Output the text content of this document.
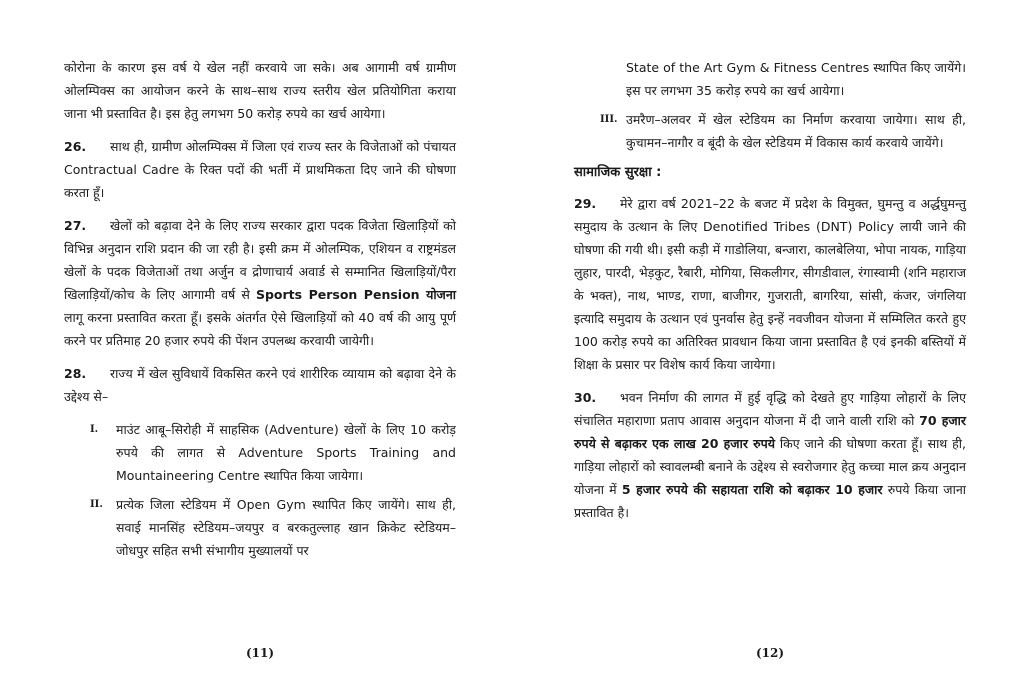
कोरोना के कारण इस वर्ष ये खेल नहीं करवाये जा सके। अब आगामी वर्ष ग्रामीण ओलम्पिक्स का आयोजन करने के साथ–साथ राज्य स्तरीय खेल प्रतियोगिता कराया जाना भी प्रस्तावित है। इस हेतु लगभग 50 करोड़ रुपये का खर्च आयेगा।

26. साथ ही, ग्रामीण ओलम्पिक्स में जिला एवं राज्य स्तर के विजेताओं को पंचायत Contractual Cadre के रिक्त पदों की भर्ती में प्राथमिकता दिए जाने की घोषणा करता हूँ।

27. खेलों को बढ़ावा देने के लिए राज्य सरकार द्वारा पदक विजेता खिलाड़ियों को विभिन्न अनुदान राशि प्रदान की जा रही है। इसी क्रम में ओलम्पिक, एशियन व राष्ट्रमंडल खेलों के पदक विजेताओं तथा अर्जुन व द्रोणाचार्य अवार्ड से सम्मानित खिलाड़ियों/पैरा खिलाड़ियों/कोच के लिए आगामी वर्ष से Sports Person Pension योजना लागू करना प्रस्तावित करता हूँ। इसके अंतर्गत ऐसे खिलाड़ियों को 40 वर्ष की आयु पूर्ण करने पर प्रतिमाह 20 हजार रुपये की पेंशन उपलब्ध करवायी जायेगी।

28. राज्य में खेल सुविधायें विकसित करने एवं शारीरिक व्यायाम को बढ़ावा देने के उद्देश्य से–

I. माउंट आबू–सिरोही में साहसिक (Adventure) खेलों के लिए 10 करोड़ रुपये की लागत से Adventure Sports Training and Mountaineering Centre स्थापित किया जायेगा।
II. प्रत्येक जिला स्टेडियम में Open Gym स्थापित किए जायेंगे। साथ ही, सवाई मानसिंह स्टेडियम–जयपुर व बरकतुल्लाह खान क्रिकेट स्टेडियम–जोधपुर सहित सभी संभागीय मुख्यालयों पर
(11)
State of the Art Gym & Fitness Centres स्थापित किए जायेंगे। इस पर लगभग 35 करोड़ रुपये का खर्च आयेगा।
III. उमरैण–अलवर में खेल स्टेडियम का निर्माण करवाया जायेगा। साथ ही, कुचामन–नागौर व बूंदी के खेल स्टेडियम में विकास कार्य करवाये जायेंगे।
सामाजिक सुरक्षा :

29. मेरे द्वारा वर्ष 2021–22 के बजट में प्रदेश के विमुक्त, घुमन्तु व अर्द्धघुमन्तु समुदाय के उत्थान के लिए Denotified Tribes (DNT) Policy लायी जाने की घोषणा की गयी थी। इसी कड़ी में गाडोलिया, बन्जारा, कालबेलिया, भोपा नायक, गाड़िया लुहार, पारदी, भेड़कुट, रैबारी, मोगिया, सिकलीगर, सीगडीवाल, रंगास्वामी (शनि महाराज के भक्त), नाथ, भाण्ड, राणा, बाजीगर, गुजराती, बागरिया, सांसी, कंजर, जंगलिया इत्यादि समुदाय के उत्थान एवं पुनर्वास हेतु इन्हें नवजीवन योजना में सम्मिलित करते हुए 100 करोड़ रुपये का अतिरिक्त प्रावधान किया जाना प्रस्तावित है एवं इनकी बस्तियों में शिक्षा के प्रसार पर विशेष कार्य किया जायेगा।

30. भवन निर्माण की लागत में हुई वृद्धि को देखते हुए गाड़िया लोहारों के लिए संचालित महाराणा प्रताप आवास अनुदान योजना में दी जाने वाली राशि को 70 हजार रुपये से बढ़ाकर एक लाख 20 हजार रुपये किए जाने की घोषणा करता हूँ। साथ ही, गाड़िया लोहारों को स्वावलम्बी बनाने के उद्देश्य से स्वरोजगार हेतु कच्चा माल क्रय अनुदान योजना में 5 हजार रुपये की सहायता राशि को बढ़ाकर 10 हजार रुपये किया जाना प्रस्तावित है।

(12)
